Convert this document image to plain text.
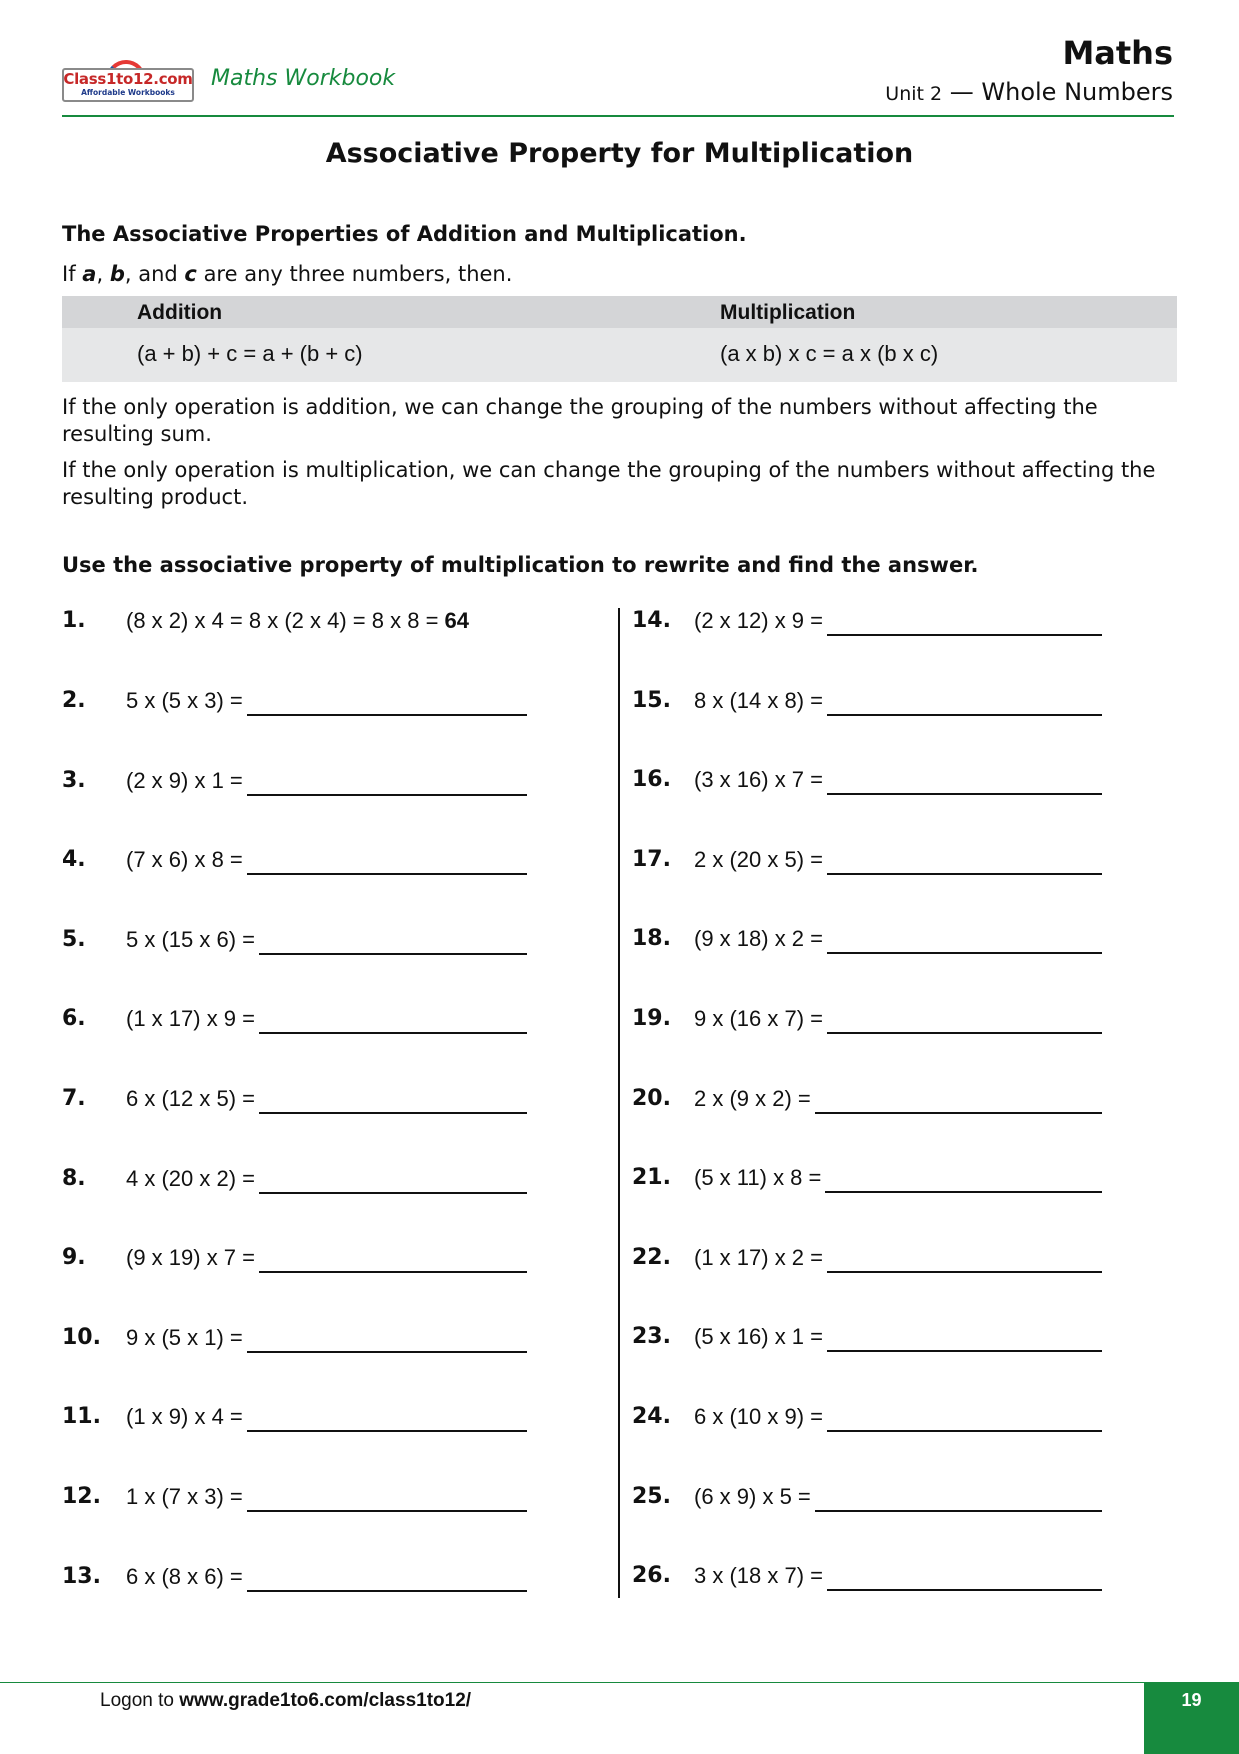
Class1to12.com
Affordable Workbooks
Maths Workbook
Maths
Unit 2 — Whole Numbers
Associative Property for Multiplication
The Associative Properties of Addition and Multiplication.
If a, b, and c are any three numbers, then.
Addition	Multiplication
(a + b) + c = a + (b + c)	(a x b) x c = a x (b x c)
If the only operation is addition, we can change the grouping of the numbers without affecting the resulting sum.
If the only operation is multiplication, we can change the grouping of the numbers without affecting the resulting product.
Use the associative property of multiplication to rewrite and find the answer.
1. (8 x 2) x 4 = 8 x (2 x 4) = 8 x 8 = 64
2. 5 x (5 x 3) =
3. (2 x 9) x 1 =
4. (7 x 6) x 8 =
5. 5 x (15 x 6) =
6. (1 x 17) x 9 =
7. 6 x (12 x 5) =
8. 4 x (20 x 2) =
9. (9 x 19) x 7 =
10. 9 x (5 x 1) =
11. (1 x 9) x 4 =
12. 1 x (7 x 3) =
13. 6 x (8 x 6) =
14. (2 x 12) x 9 =
15. 8 x (14 x 8) =
16. (3 x 16) x 7 =
17. 2 x (20 x 5) =
18. (9 x 18) x 2 =
19. 9 x (16 x 7) =
20. 2 x (9 x 2) =
21. (5 x 11) x 8 =
22. (1 x 17) x 2 =
23. (5 x 16) x 1 =
24. 6 x (10 x 9) =
25. (6 x 9) x 5 =
26. 3 x (18 x 7) =
Logon to www.grade1to6.com/class1to12/	19
